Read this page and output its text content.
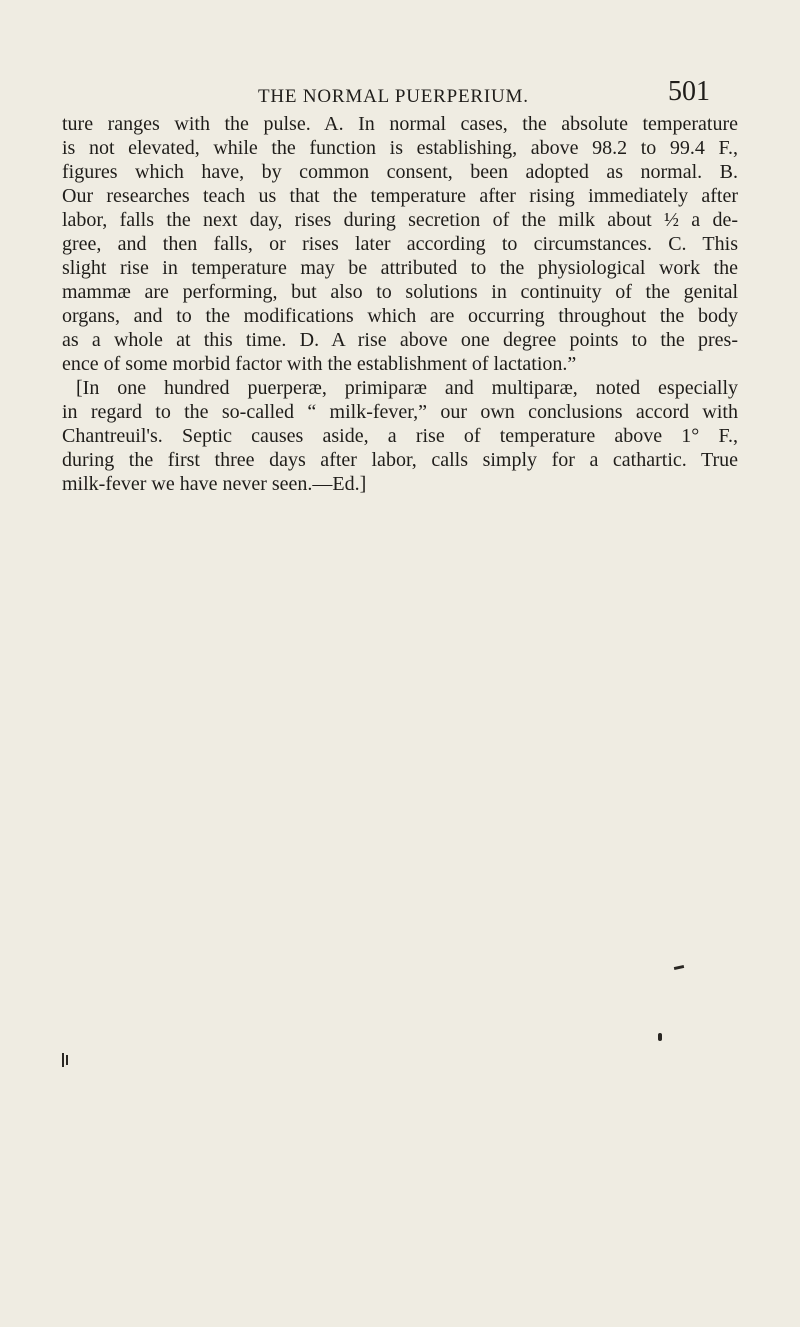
THE NORMAL PUERPERIUM.	501
ture ranges with the pulse. A. In normal cases, the absolute temperature
is not elevated, while the function is establishing, above 98.2 to 99.4 F.,
figures which have, by common consent, been adopted as normal. B.
Our researches teach us that the temperature after rising immediately after
labor, falls the next day, rises during secretion of the milk about ½ a de-
gree, and then falls, or rises later according to circumstances. C. This
slight rise in temperature may be attributed to the physiological work the
mammæ are performing, but also to solutions in continuity of the genital
organs, and to the modifications which are occurring throughout the body
as a whole at this time. D. A rise above one degree points to the pres-
ence of some morbid factor with the establishment of lactation.”
[In one hundred puerperæ, primiparæ and multiparæ, noted especially
in regard to the so-called “ milk-fever,” our own conclusions accord with
Chantreuil's. Septic causes aside, a rise of temperature above 1° F.,
during the first three days after labor, calls simply for a cathartic. True
milk-fever we have never seen.—Ed.]
